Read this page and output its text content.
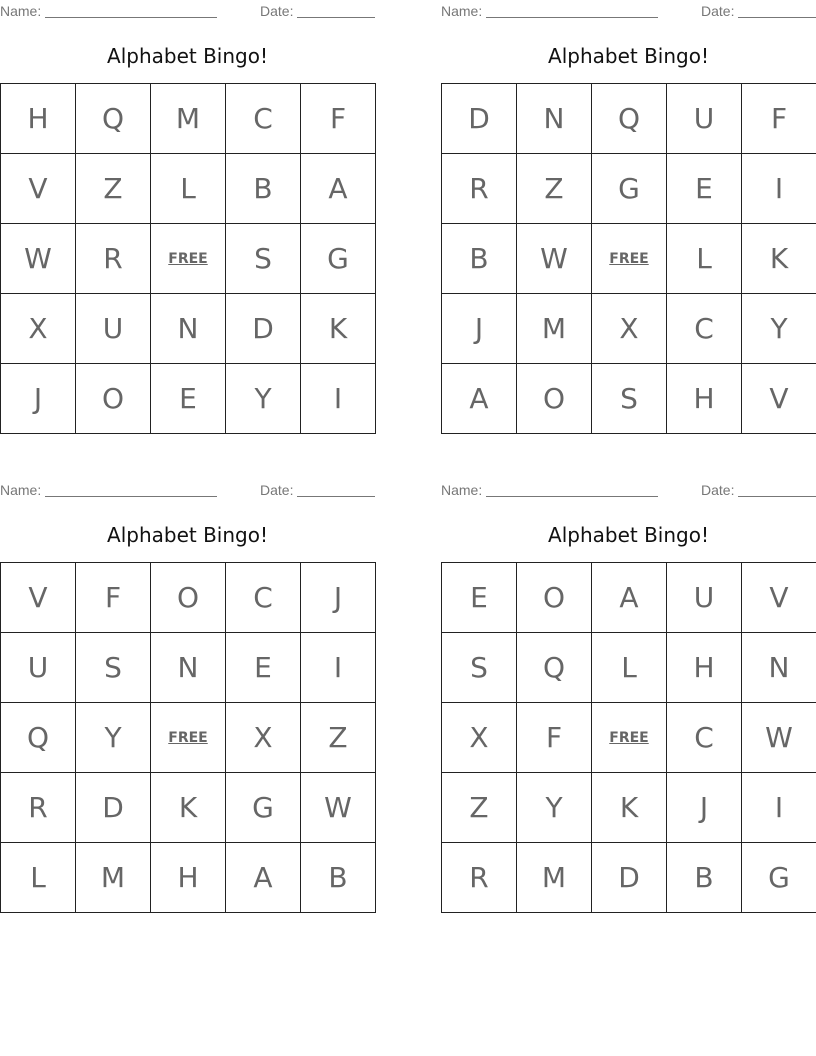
Name:	Date:
Alphabet Bingo!
H	Q	M	C	F
V	Z	L	B	A
W	R	FREE	S	G
X	U	N	D	K
J	O	E	Y	I
Name:	Date:
Alphabet Bingo!
D	N	Q	U	F
R	Z	G	E	I
B	W	FREE	L	K
J	M	X	C	Y
A	O	S	H	V
Name:	Date:
Alphabet Bingo!
V	F	O	C	J
U	S	N	E	I
Q	Y	FREE	X	Z
R	D	K	G	W
L	M	H	A	B
Name:	Date:
Alphabet Bingo!
E	O	A	U	V
S	Q	L	H	N
X	F	FREE	C	W
Z	Y	K	J	I
R	M	D	B	G
